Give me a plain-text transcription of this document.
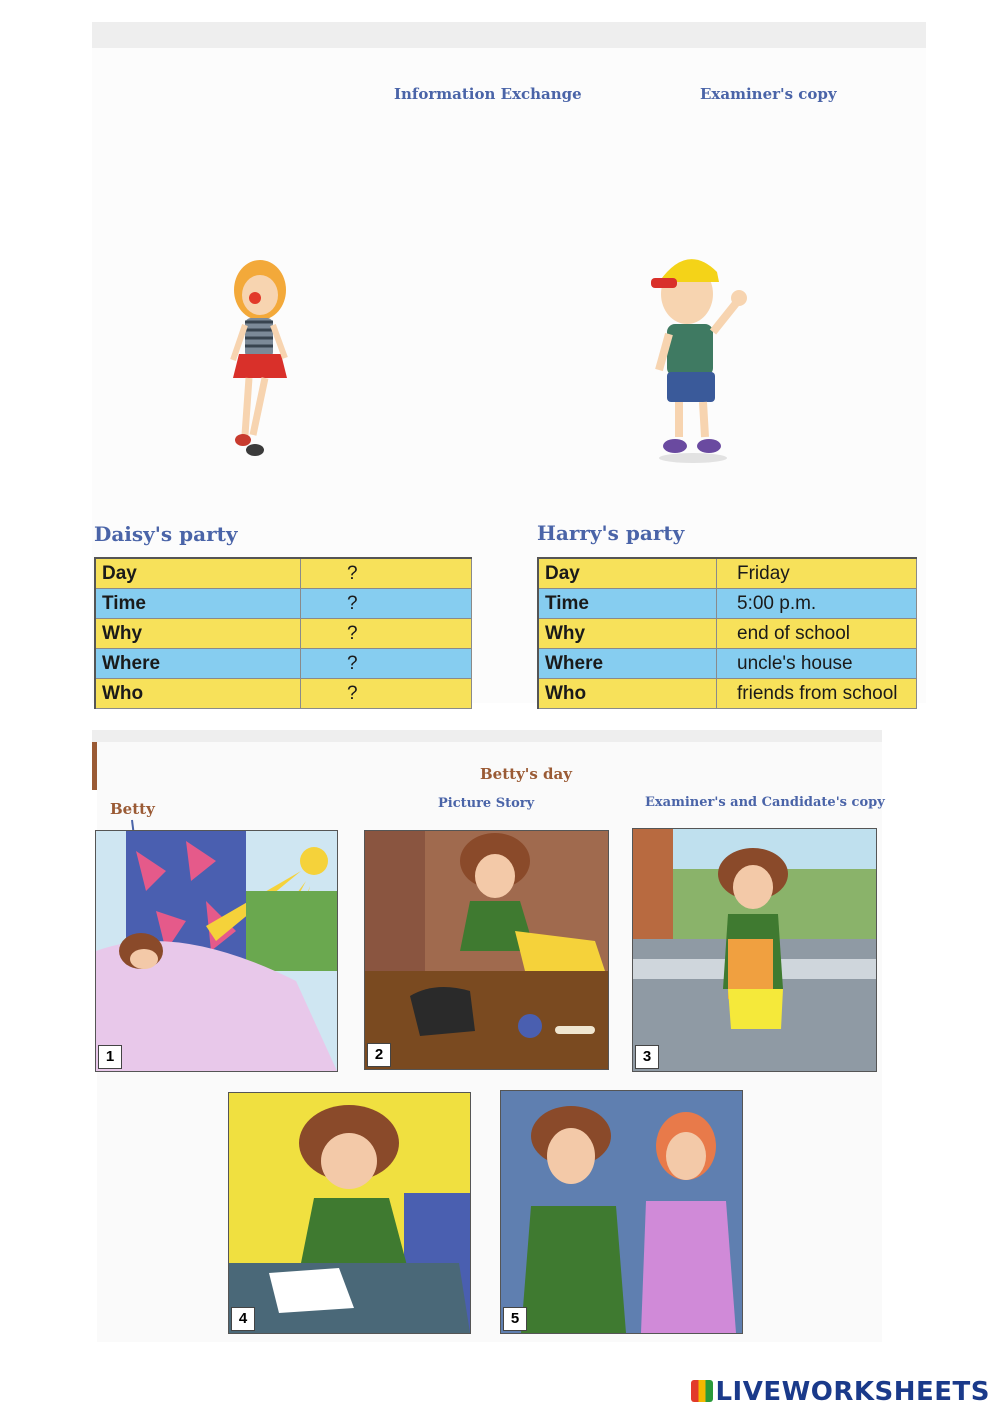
Information Exchange	Examiner's copy
Daisy's party	Harry's party
Day	?
Time	?
Why	?
Where	?
Who	?
Day	Friday
Time	5:00 p.m.
Why	end of school
Where	uncle's house
Who	friends from school
Betty's day
Picture Story	Examiner's and Candidate's copy
Betty
1	2	3
4	5
LIVEWORKSHEETS
